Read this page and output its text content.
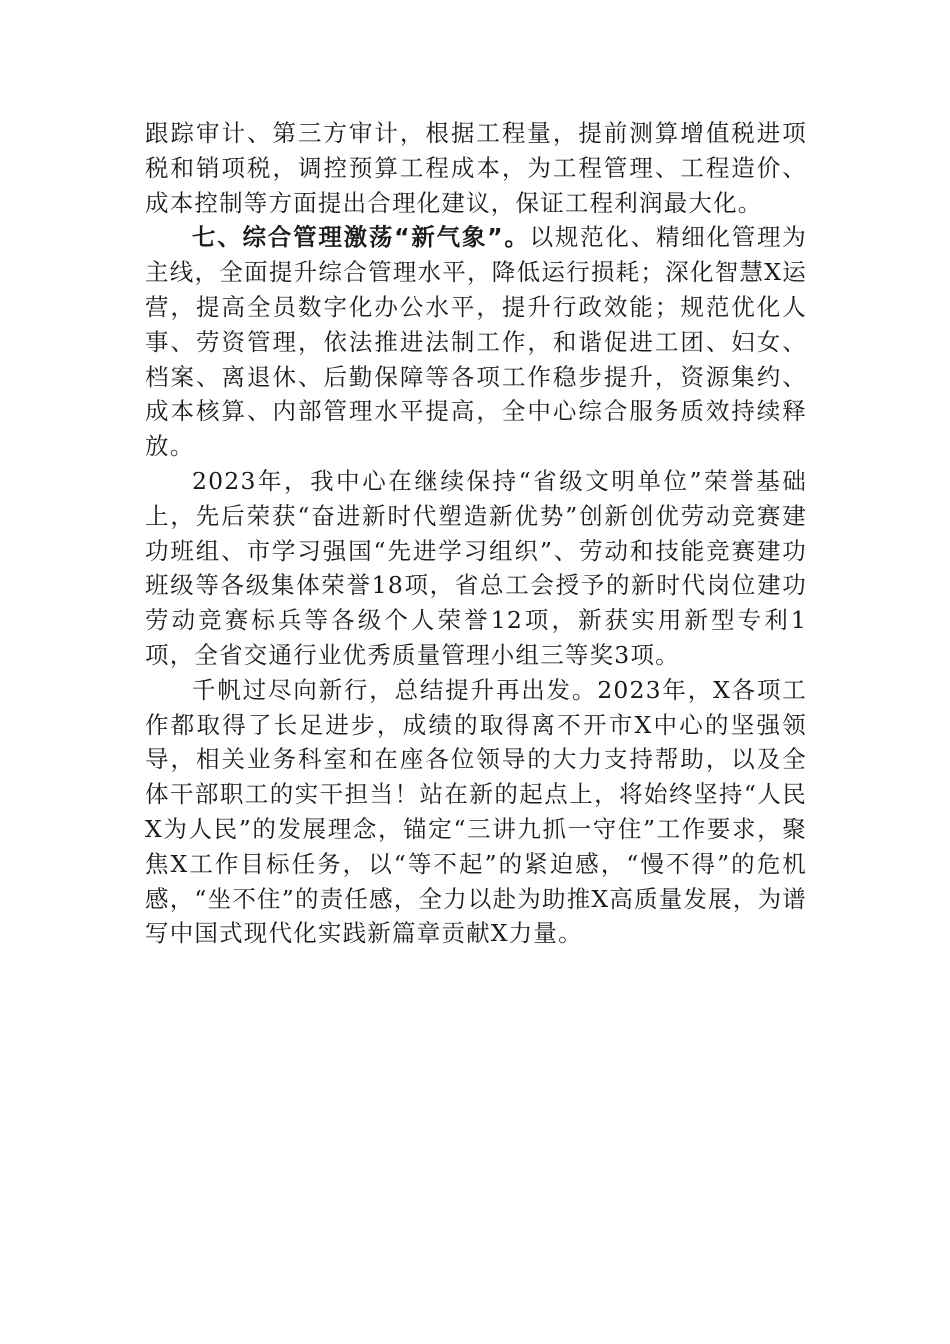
跟踪审计、第三方审计，根据工程量，提前测算增值税进项税和销项税，调控预算工程成本，为工程管理、工程造价、成本控制等方面提出合理化建议，保证工程利润最大化。

七、综合管理激荡“新气象”。以规范化、精细化管理为主线，全面提升综合管理水平，降低运行损耗；深化智慧X运营，提高全员数字化办公水平，提升行政效能；规范优化人事、劳资管理，依法推进法制工作，和谐促进工团、妇女、档案、离退休、后勤保障等各项工作稳步提升，资源集约、成本核算、内部管理水平提高，全中心综合服务质效持续释放。

2023年，我中心在继续保持“省级文明单位”荣誉基础上，先后荣获“奋进新时代塑造新优势”创新创优劳动竞赛建功班组、市学习强国“先进学习组织”、劳动和技能竞赛建功班级等各级集体荣誉18项，省总工会授予的新时代岗位建功劳动竞赛标兵等各级个人荣誉12项，新获实用新型专利1项，全省交通行业优秀质量管理小组三等奖3项。

千帆过尽向新行，总结提升再出发。2023年，X各项工作都取得了长足进步，成绩的取得离不开市X中心的坚强领导，相关业务科室和在座各位领导的大力支持帮助，以及全体干部职工的实干担当！站在新的起点上，将始终坚持“人民X为人民”的发展理念，锚定“三讲九抓一守住”工作要求，聚焦X工作目标任务，以“等不起”的紧迫感，“慢不得”的危机感，“坐不住”的责任感，全力以赴为助推X高质量发展，为谱写中国式现代化实践新篇章贡献X力量。
